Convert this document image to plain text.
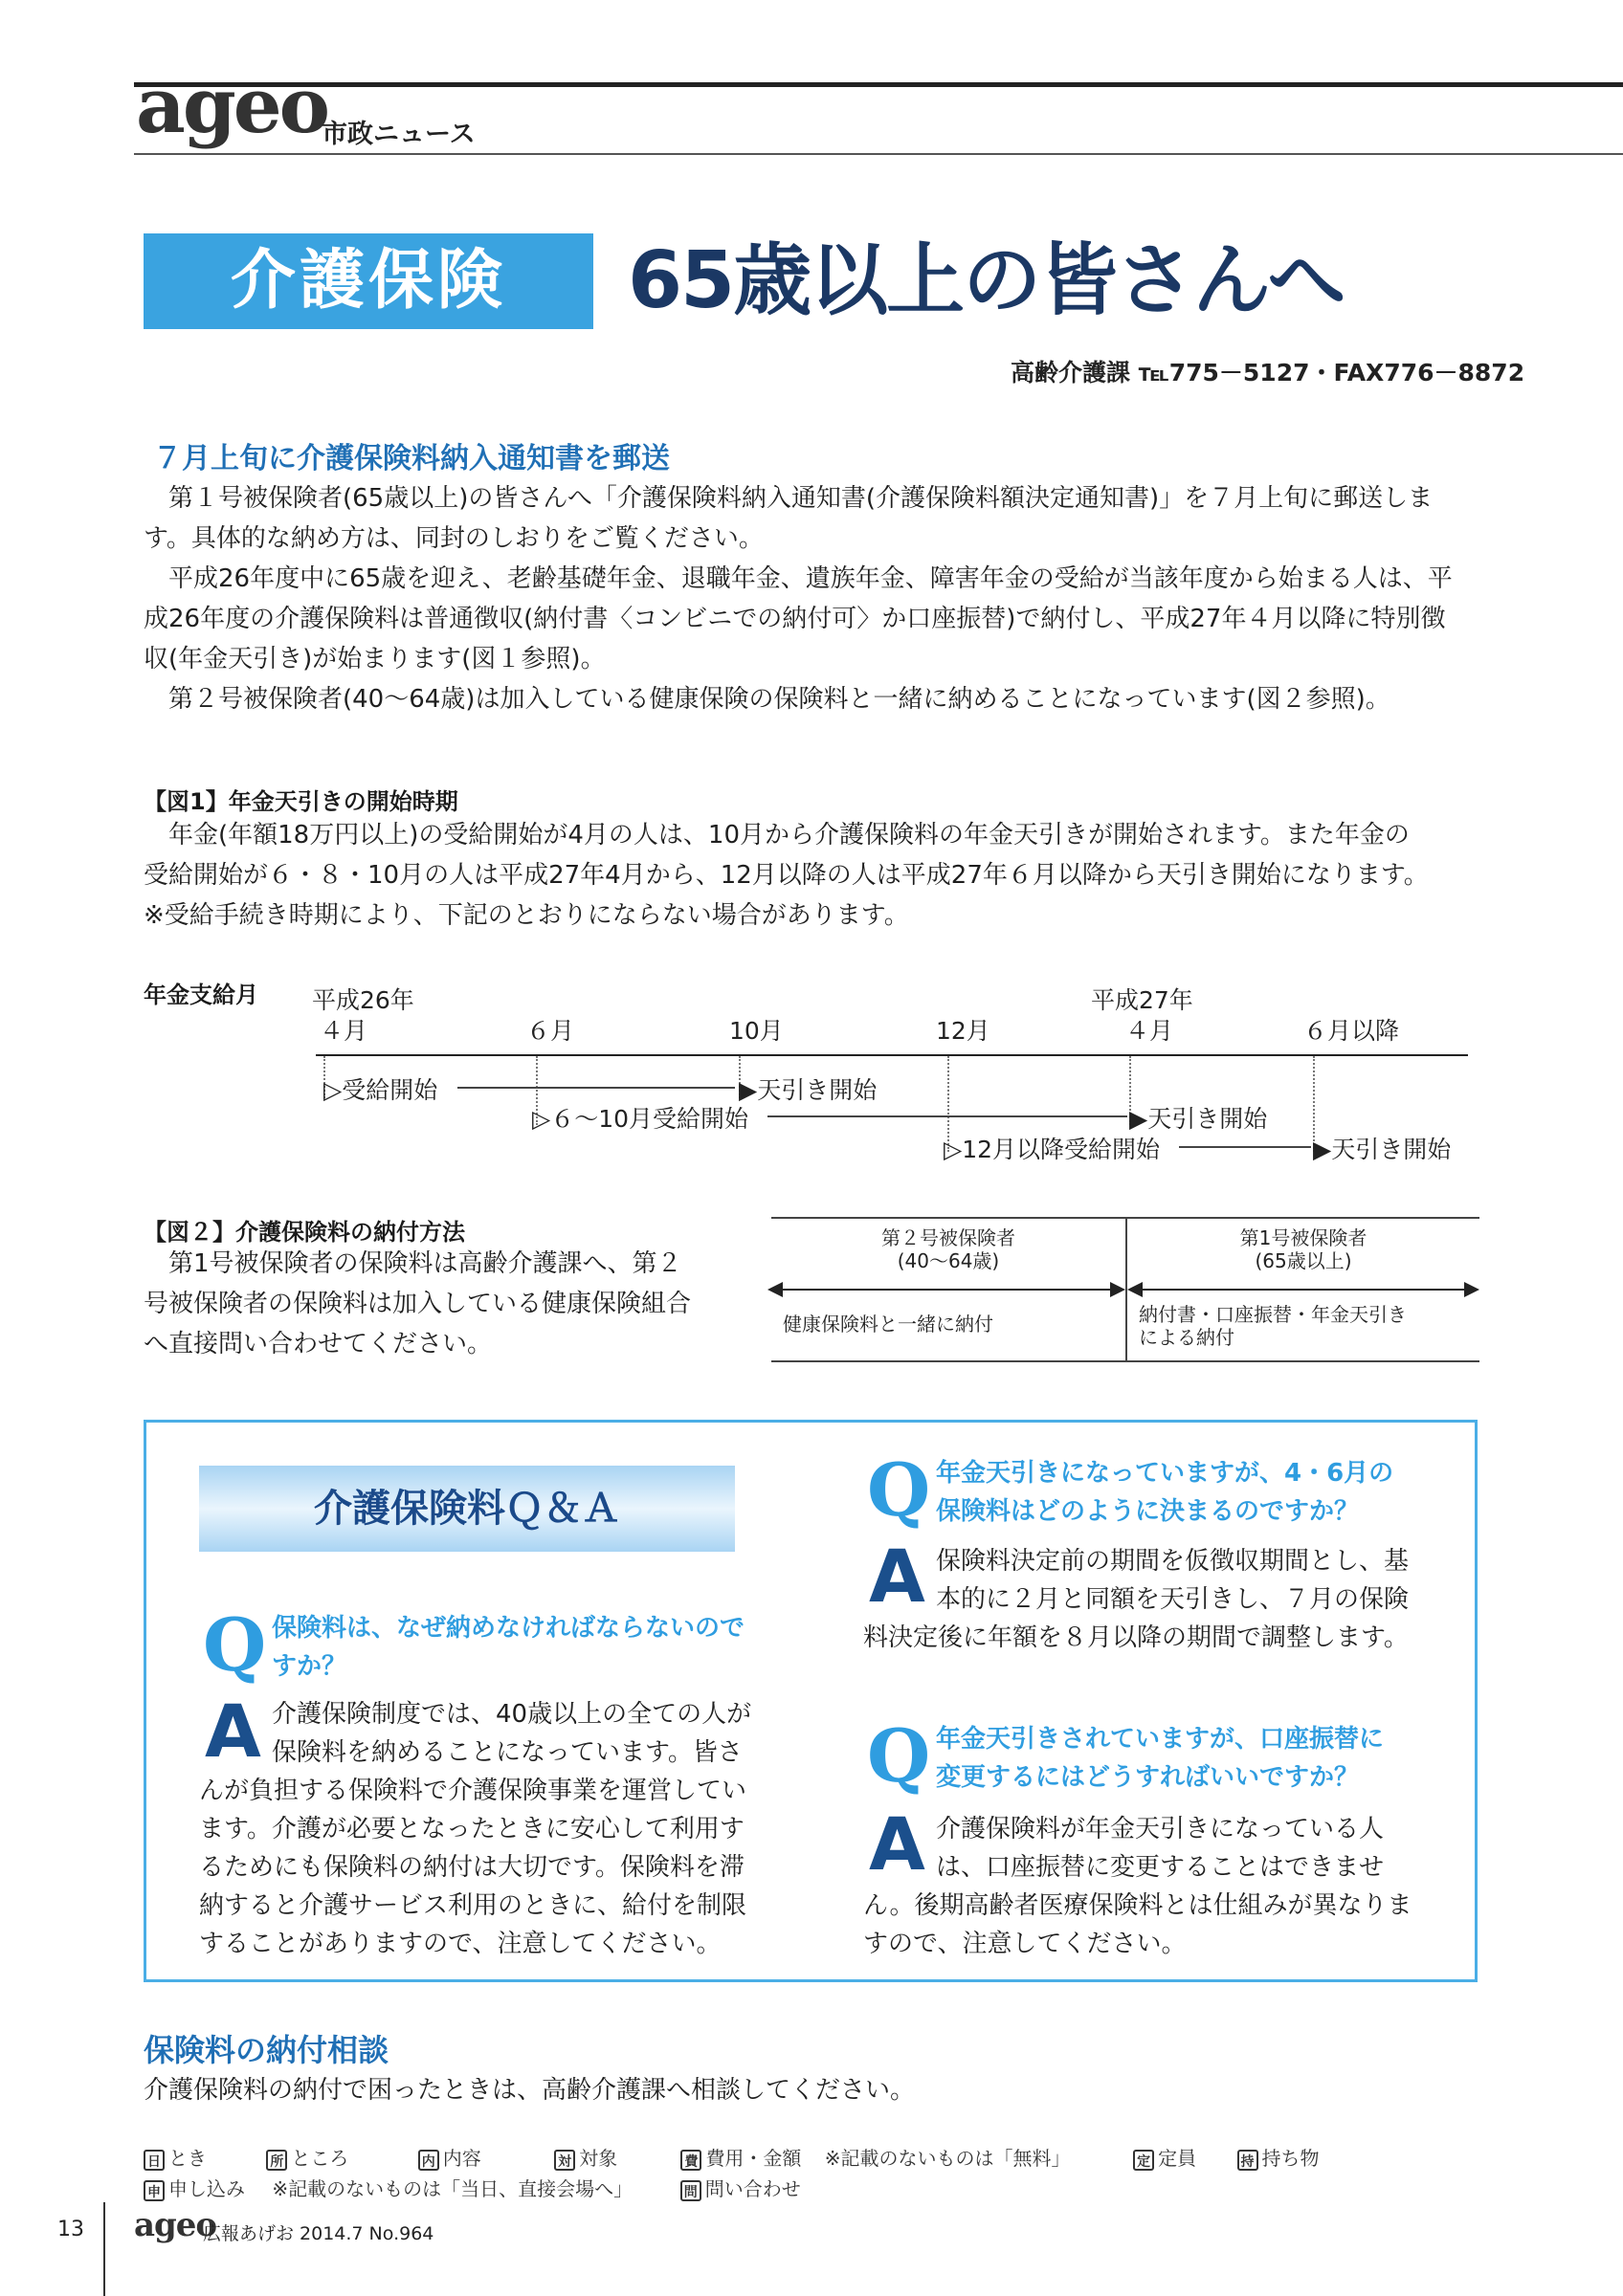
ageo
市政ニュース
介護保険	65歳以上の皆さんへ
高齢介護課 ℡775－5127・FAX776－8872
７月上旬に介護保険料納入通知書を郵送
第１号被保険者(65歳以上)の皆さんへ「介護保険料納入通知書(介護保険料額決定通知書)」を７月上旬に郵送しま
す。具体的な納め方は、同封のしおりをご覧ください。
平成26年度中に65歳を迎え、老齢基礎年金、退職年金、遺族年金、障害年金の受給が当該年度から始まる人は、平
成26年度の介護保険料は普通徴収(納付書〈コンビニでの納付可〉か口座振替)で納付し、平成27年４月以降に特別徴
収(年金天引き)が始まります(図１参照)。
第２号被保険者(40～64歳)は加入している健康保険の保険料と一緒に納めることになっています(図２参照)。
【図1】年金天引きの開始時期
年金(年額18万円以上)の受給開始が4月の人は、10月から介護保険料の年金天引きが開始されます。また年金の
受給開始が６・８・10月の人は平成27年4月から、12月以降の人は平成27年６月以降から天引き開始になります。
※受給手続き時期により、下記のとおりにならない場合があります。
年金支給月 平成26年	平成27年
４月	６月	10月	12月	４月	６月以降
▷受給開始	▶天引き開始
▷６～10月受給開始	▶天引き開始
▷12月以降受給開始	▶天引き開始
【図２】介護保険料の納付方法
第1号被保険者の保険料は高齢介護課へ、第２
号被保険者の保険料は加入している健康保険組合
へ直接問い合わせてください。
第２号被保険者
(40～64歳)
第1号被保険者
(65歳以上)
健康保険料と一緒に納付	納付書・口座振替・年金天引き
による納付
介護保険料Ｑ＆Ａ
Q 保険料は、なぜ納めなければならないので
すか？
A 介護保険制度では、40歳以上の全ての人が
保険料を納めることになっています。皆さ
んが負担する保険料で介護保険事業を運営してい
ます。介護が必要となったときに安心して利用す
るためにも保険料の納付は大切です。保険料を滞
納すると介護サービス利用のときに、給付を制限
することがありますので、注意してください。
Q 年金天引きになっていますが、4・6月の
保険料はどのように決まるのですか？
A 保険料決定前の期間を仮徴収期間とし、基
本的に２月と同額を天引きし、７月の保険
料決定後に年額を８月以降の期間で調整します。
Q 年金天引きされていますが、口座振替に
変更するにはどうすればいいですか？
A 介護保険料が年金天引きになっている人
は、口座振替に変更することはできませ
ん。後期高齢者医療保険料とは仕組みが異なりま
すので、注意してください。
保険料の納付相談
介護保険料の納付で困ったときは、高齢介護課へ相談してください。
日 とき	所 ところ	内 内容	対 対象	費 費用・金額 ※記載のないものは「無料」	定 定員	持 持ち物
申 申し込み ※記載のないものは「当日、直接会場へ」	問 問い合わせ
13 ageo
広報あげお 2014.7 No.964
